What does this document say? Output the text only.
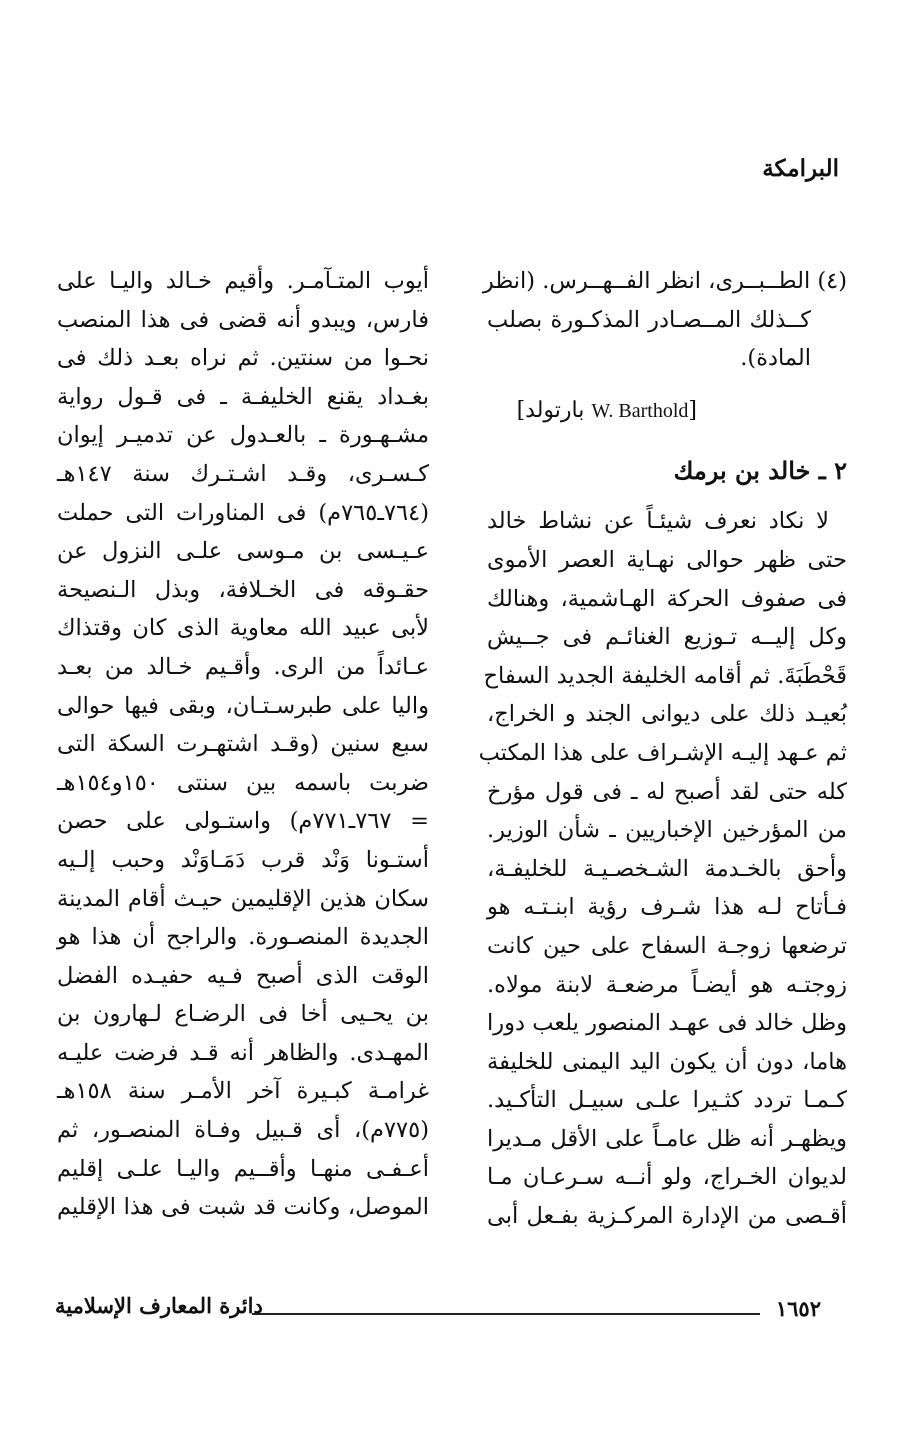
البرامكة
(٤) الطــبــرى، انظر الفــهــرس. (انظر
كــذلك المــصـادر المذكـورة بصلب
المادة).
[W. Barthold بارتولد]
٢ ـ خالد بن برمك
لا نكاد نعرف شيئـاً عن نشاط خالد
حتى ظهر حوالى نهـاية العصر الأموى
فى صفوف الحركة الهـاشمية، وهنالك
وكل إليــه تـوزيع الغنائـم فى جــيش
قَحْطَبَةَ. ثم أقامه الخليفة الجديد السفاح
بُعيـد ذلك على ديوانى الجند و الخراج،
ثم عـهد إليـه الإشـراف على هذا المكتب
كله حتى لقد أصبح له ـ فى قول مؤرخ
من المؤرخين الإخباريين ـ شأن الوزير.
وأحق بالخـدمة الشـخصـيـة للخليفـة،
فـأتاح لـه هذا شـرف رؤية ابنـتـه هو
ترضعها زوجـة السفاح على حين كانت
زوجتـه هو أيضـاً مرضعـة لابنة مولاه.
وظل خالد فى عهـد المنصور يلعب دورا
هاما، دون أن يكون اليد اليمنى للخليفة
كـمـا تردد كثـيرا علـى سبيـل التأكـيد.
ويظهـر أنه ظل عامـاً على الأقل مـديرا
لديوان الخـراج، ولو أنــه سـرعـان مـا
أقـصى من الإدارة المركـزية بفـعل أبى
أيوب المتـآمـر. وأقيم خـالد واليـا على
فارس، ويبدو أنه قضى فى هذا المنصب
نحـوا من سنتين. ثم نراه بعـد ذلك فى
بغـداد يقنع الخليفـة ـ فى قـول رواية
مشـهـورة ـ بالعـدول عن تدميـر إيوان
كـسـرى، وقـد اشـتـرك سنة ١٤٧هـ
(٧٦٤ـ٧٦٥م) فى المناورات التى حملت
عـيـسى بن مـوسى علـى النزول عن
حقـوقه فى الخـلافة، وبذل الـنصيحة
لأبى عبيد الله معاوية الذى كان وقتذاك
عـائداً من الرى. وأقـيم خـالد من بعـد
واليا على طبرسـتـان، وبقى فيها حوالى
سبع سنين (وقـد اشتهـرت السكة التى
ضربت باسمه بين سنتى ١٥٠و١٥٤هـ
= ٧٦٧ـ٧٧١م) واستـولى على حصن
أستـونا وَنْد قرب دَمَـاوَنْد وحبب إلـيه
سكان هذين الإقليمين حيـث أقام المدينة
الجديدة المنصـورة. والراجح أن هذا هو
الوقت الذى أصبح فـيه حفيـده الفضل
بن يحـيى أخا فى الرضـاع لـهارون بن
المهـدى. والظاهر أنه قـد فرضت عليـه
غرامـة كبـيرة آخر الأمـر سنة ١٥٨هـ
(٧٧٥م)، أى قـبيل وفـاة المنصـور، ثم
أعـفـى منهـا وأقــيم واليـا علـى إقليم
الموصل، وكانت قد شبت فى هذا الإقليم
١٦٥٢
دائرة المعارف الإسلامية
